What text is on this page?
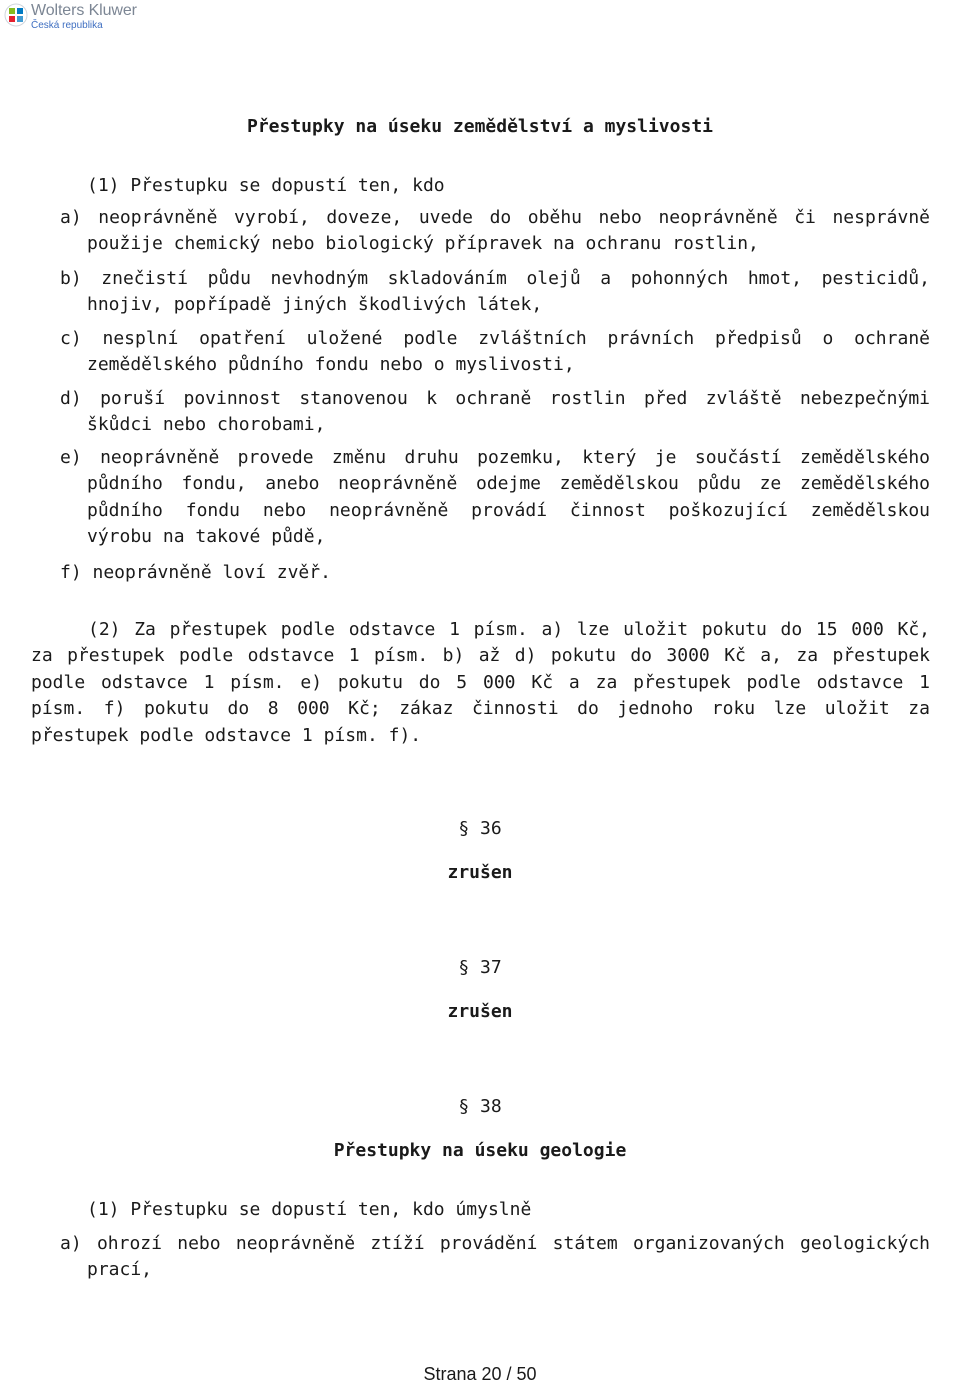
Wolters Kluwer
Česká republika
Přestupky na úseku zemědělství a myslivosti
(1) Přestupku se dopustí ten, kdo
a) neoprávněně vyrobí, doveze, uvede do oběhu nebo neoprávněně či nesprávně
použije chemický nebo biologický přípravek na ochranu rostlin,
b) znečistí půdu nevhodným skladováním olejů a pohonných hmot, pesticidů,
hnojiv, popřípadě jiných škodlivých látek,
c) nesplní opatření uložené podle zvláštních právních předpisů o ochraně
zemědělského půdního fondu nebo o myslivosti,
d) poruší povinnost stanovenou k ochraně rostlin před zvláště nebezpečnými
škůdci nebo chorobami,
e) neoprávněně provede změnu druhu pozemku, který je součástí zemědělského
půdního fondu, anebo neoprávněně odejme zemědělskou půdu ze zemědělského
půdního fondu nebo neoprávněně provádí činnost poškozující zemědělskou
výrobu na takové půdě,
f) neoprávněně loví zvěř.
(2) Za přestupek podle odstavce 1 písm. a) lze uložit pokutu do 15 000 Kč,
za přestupek podle odstavce 1 písm. b) až d) pokutu do 3000 Kč a, za přestupek
podle odstavce 1 písm. e) pokutu do 5 000 Kč a za přestupek podle odstavce 1
písm. f) pokutu do 8 000 Kč; zákaz činnosti do jednoho roku lze uložit za
přestupek podle odstavce 1 písm. f).
§ 36
zrušen
§ 37
zrušen
§ 38
Přestupky na úseku geologie
(1) Přestupku se dopustí ten, kdo úmyslně
a) ohrozí nebo neoprávněně ztíží provádění státem organizovaných geologických
prací,
Strana 20 / 50
